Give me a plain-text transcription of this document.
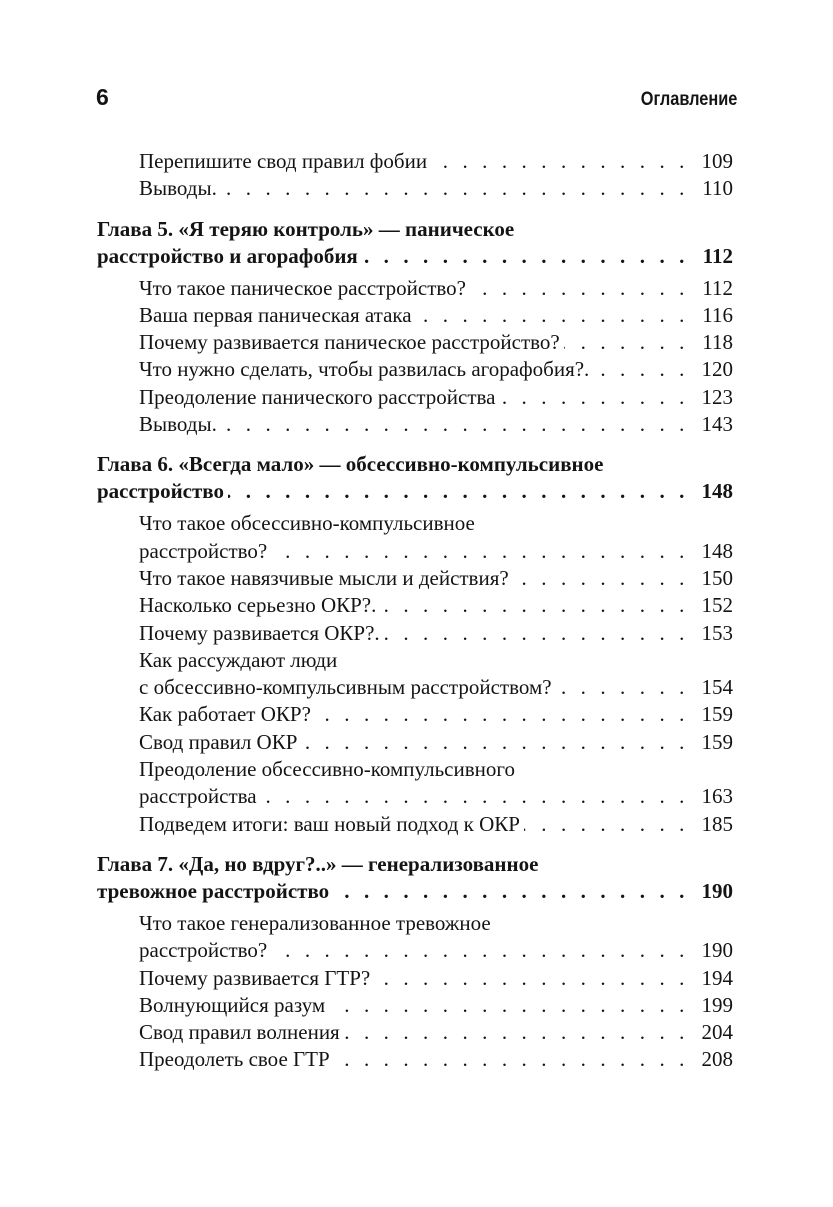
6	Оглавление
Перепишите свод правил фобии . . .	109
Выводы. . . .	110
Глава 5. «Я теряю контроль» — паническое
расстройство и агорафобия . . .	112
Что такое паническое расстройство? . . .	112
Ваша первая паническая атака . . .	116
Почему развивается паническое расстройство? . . .	118
Что нужно сделать, чтобы развилась агорафобия?. . . .	120
Преодоление панического расстройства . . .	123
Выводы. . . .	143
Глава 6. «Всегда мало» — обсессивно-компульсивное
расстройство . . .	148
Что такое обсессивно-компульсивное
расстройство? . . .	148
Что такое навязчивые мысли и действия? . . .	150
Насколько серьезно ОКР?. . . .	152
Почему развивается ОКР?. . . .	153
Как рассуждают люди
с обсессивно-компульсивным расстройством? . . .	154
Как работает ОКР? . . .	159
Свод правил ОКР . . .	159
Преодоление обсессивно-компульсивного
расстройства . . .	163
Подведем итоги: ваш новый подход к ОКР . . .	185
Глава 7. «Да, но вдруг?..» — генерализованное
тревожное расстройство . . .	190
Что такое генерализованное тревожное
расстройство? . . .	190
Почему развивается ГТР? . . .	194
Волнующийся разум . . .	199
Свод правил волнения . . .	204
Преодолеть свое ГТР . . .	208
